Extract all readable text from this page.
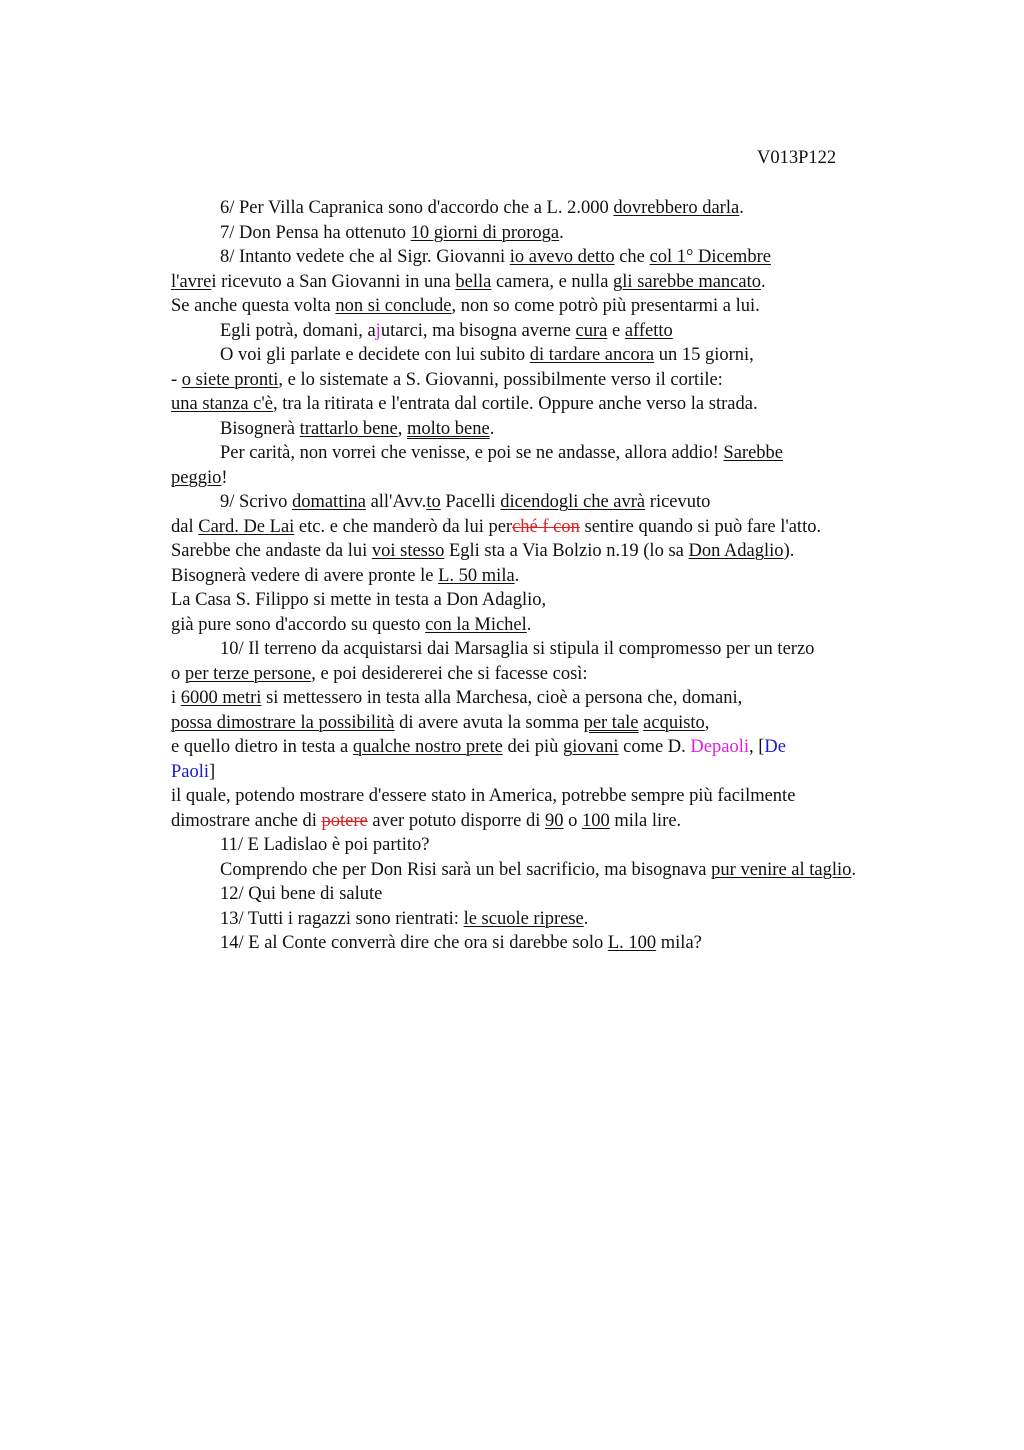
V013P122
6/ Per Villa Capranica sono d'accordo che a L. 2.000 dovrebbero darla.
7/ Don Pensa ha ottenuto 10 giorni di proroga.
8/ Intanto vedete che al Sigr. Giovanni io avevo detto che col 1° Dicembre
l'avrei ricevuto a San Giovanni in una bella camera, e nulla gli sarebbe mancato.
Se anche questa volta non si conclude, non so come potrò più presentarmi a lui.
Egli potrà, domani, ajutarci, ma bisogna averne cura e affetto
O voi gli parlate e decidete con lui subito di tardare ancora un 15 giorni,
- o siete pronti, e lo sistemate a S. Giovanni, possibilmente verso il cortile:
una stanza c'è, tra la ritirata e l'entrata dal cortile. Oppure anche verso la strada.
Bisognerà trattarlo bene, molto bene.
Per carità, non vorrei che venisse, e poi se ne andasse, allora addio! Sarebbe
peggio!
9/ Scrivo domattina all'Avv.to Pacelli dicendogli che avrà ricevuto
dal Card. De Lai etc. e che manderò da lui perché f con sentire quando si può fare l'atto.
Sarebbe che andaste da lui voi stesso Egli sta a Via Bolzio n.19 (lo sa Don Adaglio).
Bisognerà vedere di avere pronte le L. 50 mila.
La Casa S. Filippo si mette in testa a Don Adaglio,
già pure sono d'accordo su questo con la Michel.
10/ Il terreno da acquistarsi dai Marsaglia si stipula il compromesso per un terzo
o per terze persone, e poi desidererei che si facesse così:
i 6000 metri si mettessero in testa alla Marchesa, cioè a persona che, domani,
possa dimostrare la possibilità di avere avuta la somma per tale acquisto,
e quello dietro in testa a qualche nostro prete dei più giovani come D. Depaoli, [De
Paoli]
il quale, potendo mostrare d'essere stato in America, potrebbe sempre più facilmente
dimostrare anche di potere aver potuto disporre di 90 o 100 mila lire.
11/ E Ladislao è poi partito?
Comprendo che per Don Risi sarà un bel sacrificio, ma bisognava pur venire al taglio.
12/ Qui bene di salute
13/ Tutti i ragazzi sono rientrati: le scuole riprese.
14/ E al Conte converrà dire che ora si darebbe solo L. 100 mila?
